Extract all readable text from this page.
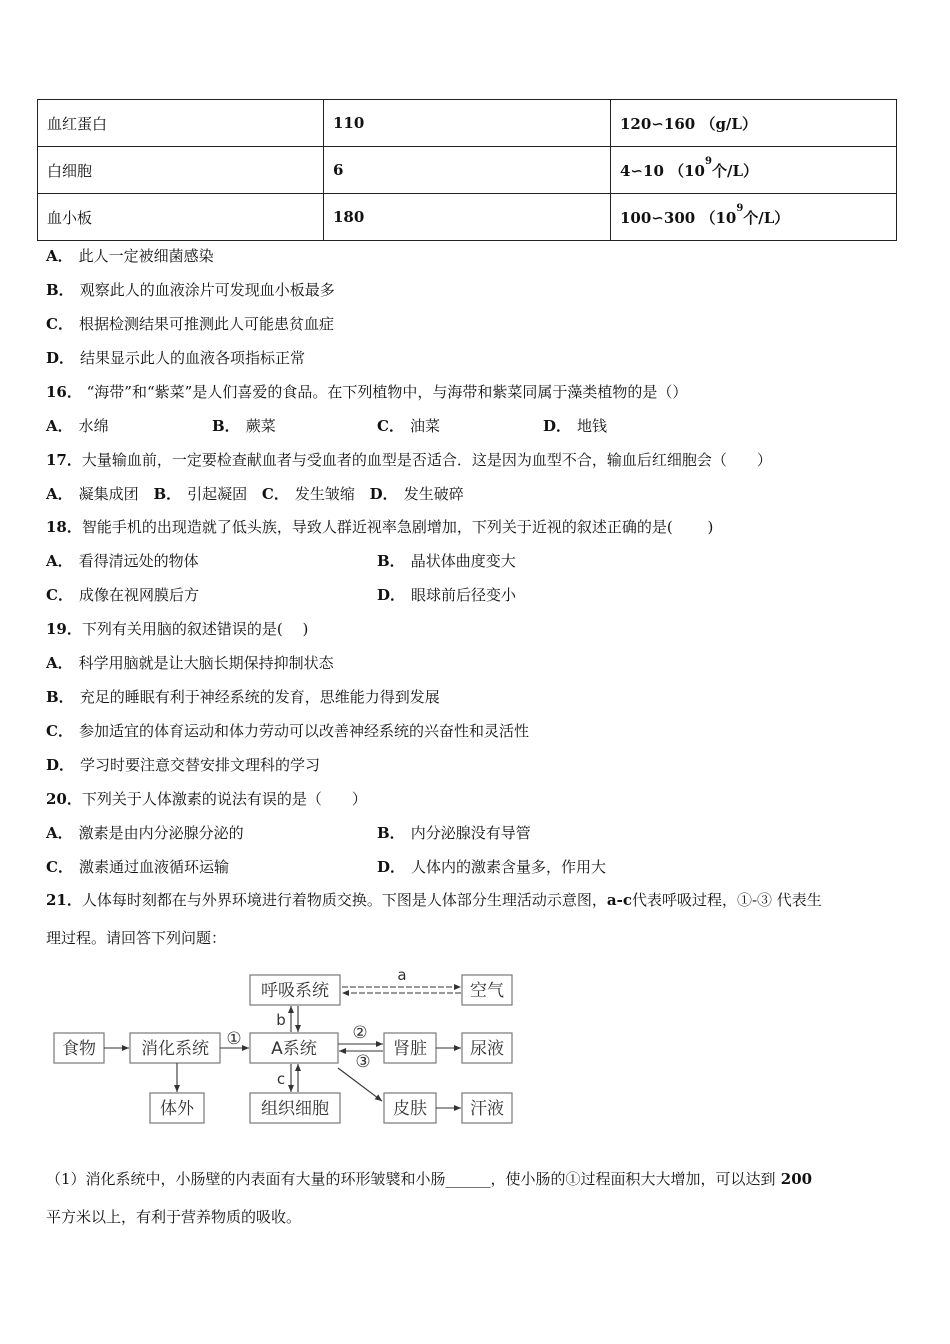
血红蛋白	110	120∽160 （g/L）
白细胞	6	4∽10 （$10^9$个/L）
血小板	180	100∽300 （$10^9$个/L）
A． 此人一定被细菌感染
B． 观察此人的血液涂片可发现血小板最多
C． 根据检测结果可推测此人可能患贫血症
D． 结果显示此人的血液各项指标正常
16． “海带”和“紫菜”是人们喜爱的食品。在下列植物中，与海带和紫菜同属于藻类植物的是（）
A． 水绵	B． 蕨菜	C． 油菜	D． 地钱
17．大量输血前，一定要检查献血者与受血者的血型是否适合．这是因为血型不合，输血后红细胞会（　　）
A． 凝集成团 B． 引起凝固 C． 发生皱缩 D． 发生破碎
18．智能手机的出现造就了低头族，导致人群近视率急剧增加，下列关于近视的叙述正确的是(　　 )
A． 看得清远处的物体	B． 晶状体曲度变大
C． 成像在视网膜后方	D． 眼球前后径变小
19．下列有关用脑的叙述错误的是(　 )
A． 科学用脑就是让大脑长期保持抑制状态
B． 充足的睡眠有利于神经系统的发育，思维能力得到发展
C． 参加适宜的体育运动和体力劳动可以改善神经系统的兴奋性和灵活性
D． 学习时要注意交替安排文理科的学习
20．下列关于人体激素的说法有误的是（　　）
A． 激素是由内分泌腺分泌的	B． 内分泌腺没有导管
C． 激素通过血液循环运输	D． 人体内的激素含量多，作用大
21．人体每时刻都在与外界环境进行着物质交换。下图是人体部分生理活动示意图，a-c代表呼吸过程，①-③ 代表生
理过程。请回答下列问题：
食物	消化系统
体外
呼吸系统
A系统
组织细胞
空气
肾脏	尿液
皮肤	汗液
a
b
c
①	②
③
（1）消化系统中，小肠壁的内表面有大量的环形皱襞和小肠______，使小肠的①过程面积大大增加，可以达到 200
平方米以上，有利于营养物质的吸收。
